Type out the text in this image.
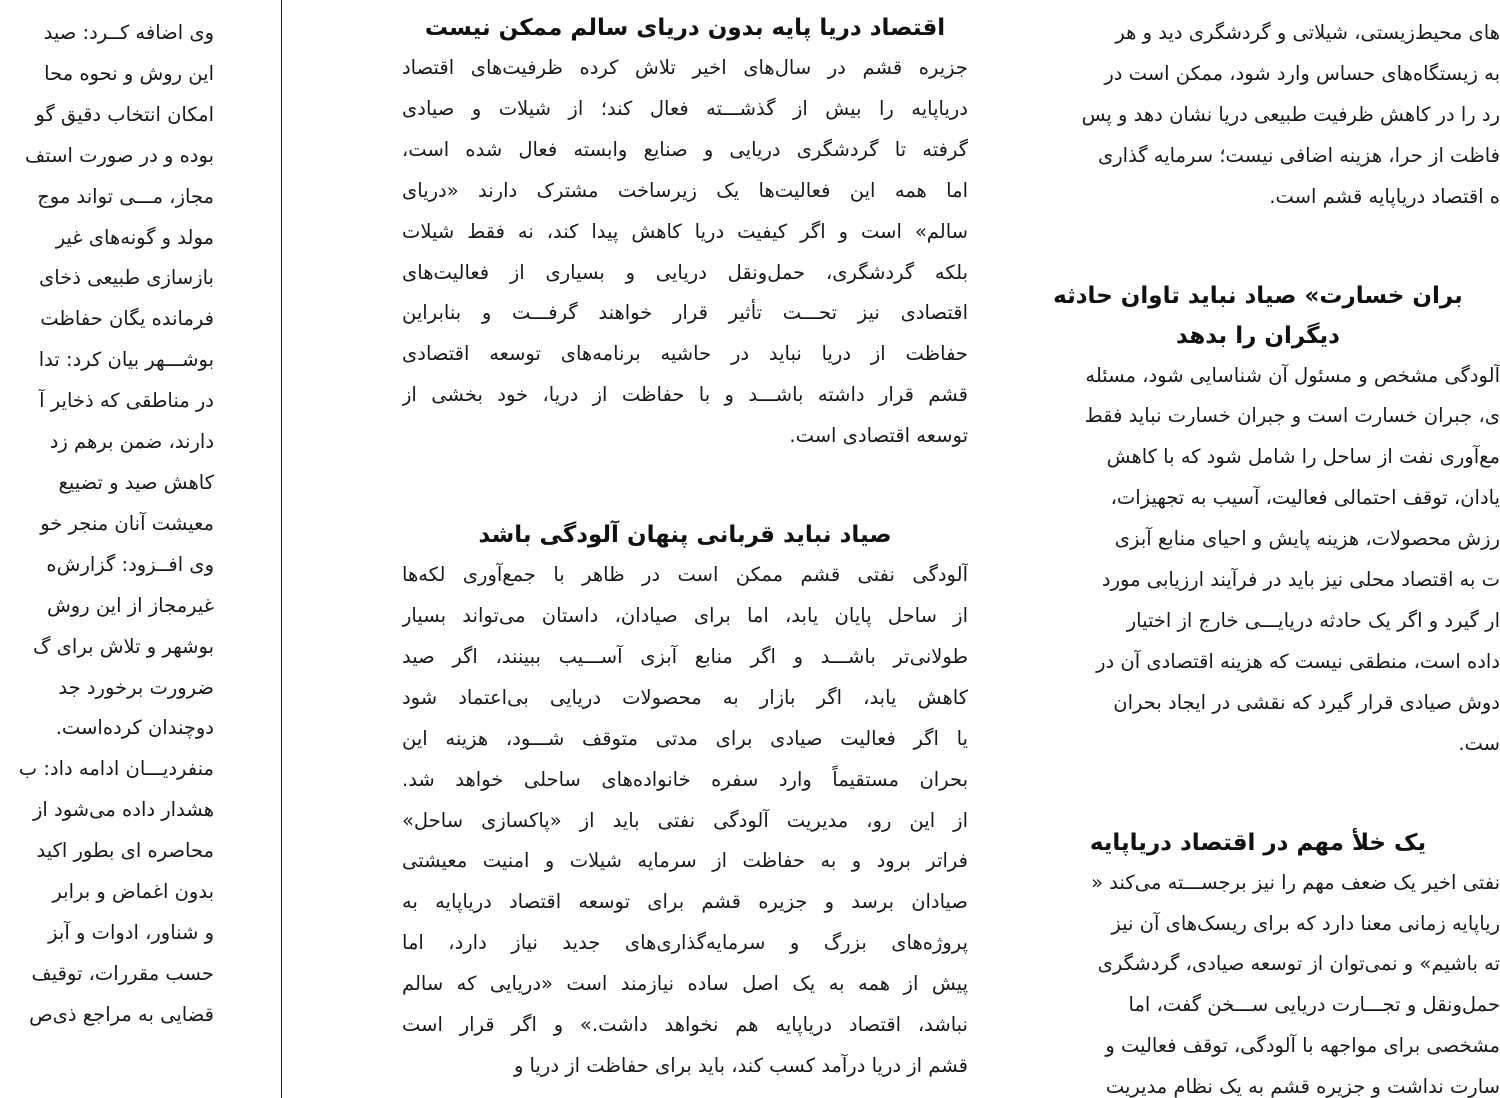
وی اضافه کــرد: صید
این روش و نحوه محا
امکان انتخاب دقیق گو
بوده و در صورت استف
مجاز، مـــی تواند موج
مولد و گونه‌های غیر
بازسازی طبیعی ذخای
فرمانده یگان حفاظت
بوشـــهر بیان کرد: تدا
در مناطقی که ذخایر آ
دارند، ضمن برهم زد
کاهش صید و تضییع
معیشت آنان منجر خو
وی افــزود: گزارش‌ه
غیرمجاز از این روش
بوشهر و تلاش برای گ
ضرورت برخورد جد
دوچندان کرده‌است.
منفردیـــان ادامه داد: ب
هشدار داده می‌شود از
محاصره ای بطور اکید
بدون اغماض و برابر
و شناور، ادوات و آبز
حسب مقررات، توقیف
قضایی به مراجع ذی‌ص
اقتصاد دریا پایه بدون دریای سالم ممکن نیست
جزیره قشم در سال‌های اخیر تلاش کرده ظرفیت‌های اقتصاد
دریاپایه را بیش از گذشـــته فعال کند؛ از شیلات و صیادی
گرفته تا گردشگری دریایی و صنایع وابسته فعال شده است،
اما همه این فعالیت‌ها یک زیرساخت مشترک دارند «دریای
سالم» است و اگر کیفیت دریا کاهش پیدا کند، نه فقط شیلات
بلکه گردشگری، حمل‌ونقل دریایی و بسیاری از فعالیت‌های
اقتصادی نیز تحـــت تأثیر قرار خواهند گرفـــت و بنابراین
حفاظت از دریا نباید در حاشیه برنامه‌های توسعه اقتصادی
قشم قرار داشته باشـــد و با حفاظت از دریا، خود بخشی از
توسعه اقتصادی است.
صیاد نباید قربانی پنهان آلودگی باشد
آلودگی نفتی قشم ممکن است در ظاهر با جمع‌آوری لکه‌ها
از ساحل پایان یابد، اما برای صیادان، داستان می‌تواند بسیار
طولانی‌تر باشـــد و اگر منابع آبزی آســـیب ببینند، اگر صید
کاهش یابد، اگر بازار به محصولات دریایی بی‌اعتماد شود
یا اگر فعالیت صیادی برای مدتی متوقف شـــود، هزینه این
بحران مستقیماً وارد سفره خانواده‌های ساحلی خواهد شد.
از این رو، مدیریت آلودگی نفتی باید از «پاکسازی ساحل»
فراتر برود و به حفاظت از سرمایه شیلات و امنیت معیشتی
صیادان برسد و جزیره قشم برای توسعه اقتصاد دریاپایه به
پروژه‌های بزرگ و سرمایه‌گذاری‌های جدید نیاز دارد، اما
پیش از همه به یک اصل ساده نیازمند است «دریایی که سالم
نباشد، اقتصاد دریاپایه هم نخواهد داشت.» و اگر قرار است
قشم از دریا درآمد کسب کند، باید برای حفاظت از دریا و
های محیط‌زیستی، شیلاتی و گردشگری دید و هر
به زیستگاه‌های حساس وارد شود، ممکن است در
رد را در کاهش ظرفیت طبیعی دریا نشان دهد و پس
فاظت از حرا، هزینه اضافی نیست؛ سرمایه گذاری
ه اقتصاد دریاپایه قشم است.
بران خسارت» صیاد نباید تاوان حادثه
دیگران را بدهد
آلودگی مشخص و مسئول آن شناسایی شود، مسئله
ی، جبران خسارت است و جبران خسارت نباید فقط
مع‌آوری نفت از ساحل را شامل شود که با کاهش
یادان، توقف احتمالی فعالیت، آسیب به تجهیزات،
رزش محصولات، هزینه پایش و احیای منابع آبزی
ت به اقتصاد محلی نیز باید در فرآیند ارزیابی مورد
ار گیرد و اگر یک حادثه دریایـــی خارج از اختیار
داده است، منطقی نیست که هزینه اقتصادی آن در
دوش صیادی قرار گیرد که نقشی در ایجاد بحران
ست.
یک خلأ مهم در اقتصاد دریاپایه
نفتی اخیر یک ضعف مهم را نیز برجســـته می‌کند «
ریاپایه زمانی معنا دارد که برای ریسک‌های آن نیز
ته باشیم» و نمی‌توان از توسعه صیادی، گردشگری
حمل‌ونقل و تجـــارت دریایی ســـخن گفت، اما
مشخصی برای مواجهه با آلودگی، توقف فعالیت و
سارت نداشت و جزیره قشم به یک نظام مدیریت
